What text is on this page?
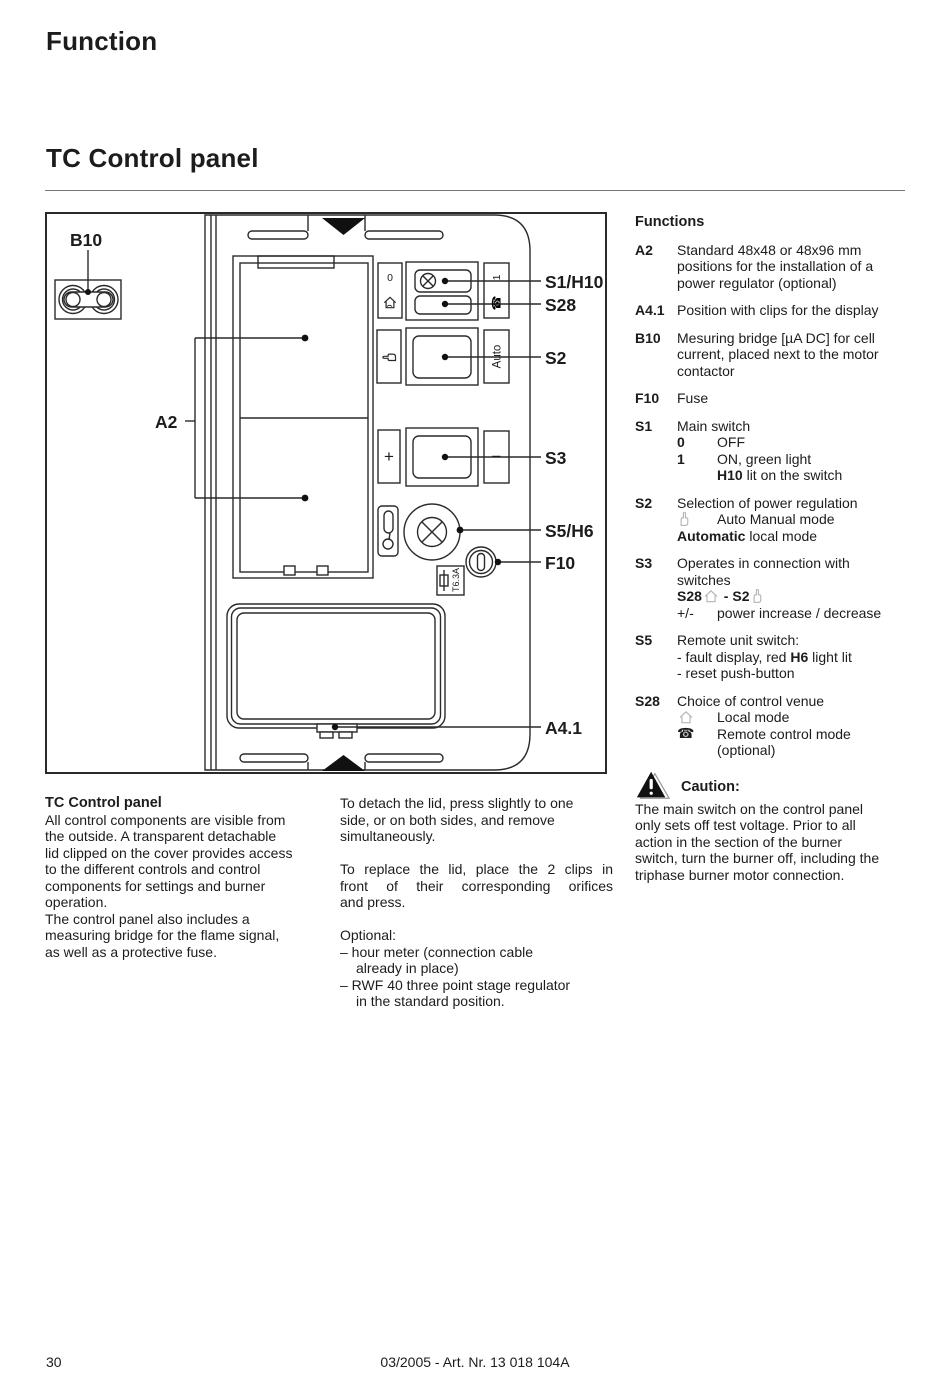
Function
TC Control panel
B10
A2
S1/H10
S28
S2
S3
S5/H6
F10
A4.1
0	1
☎
Auto
+	−
T6.3A
Functions
A2	Standard 48x48 or 48x96 mm
positions for the installation of a
power regulator (optional)
A4.1 Position with clips for the display
B10	Mesuring bridge [µA DC] for cell
current, placed next to the motor
contactor
F10	Fuse
S1	Main switch
0	OFF
1	ON, green light
H10 lit on the switch
S2	Selection of power regulation
Auto Manual mode
Automatic local mode
S3	Operates in connection with
switches
S28 - S2
+/-	power increase / decrease
S5	Remote unit switch:
- fault display, red H6 light lit
- reset push-button
S28	Choice of control venue
Local mode
☎	Remote control mode
(optional)
Caution:
The main switch on the control panel
only sets off test voltage. Prior to all
action in the section of the burner
switch, turn the burner off, including the
triphase burner motor connection.
TC Control panel
All control components are visible from
the outside. A transparent detachable
lid clipped on the cover provides access
to the different controls and control
components for settings and burner
operation.
The control panel also includes a
measuring bridge for the flame signal,
as well as a protective fuse.
To detach the lid, press slightly to one
side, or on both sides, and remove
simultaneously.
To replace the lid, place the 2 clips in
front of their corresponding orifices
and press.
Optional:
– hour meter (connection cable
already in place)
– RWF 40 three point stage regulator
in the standard position.
30	03/2005 - Art. Nr. 13 018 104A
